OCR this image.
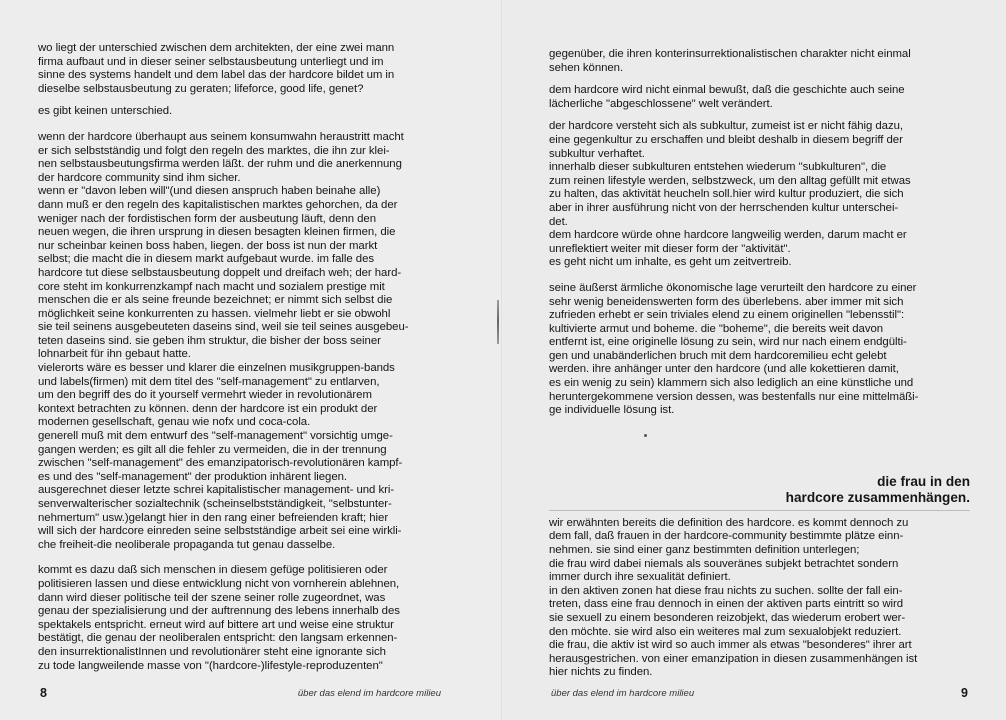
wo liegt der unterschied zwischen dem architekten, der eine zwei mann
firma aufbaut und in dieser seiner selbstausbeutung unterliegt und im
sinne des systems handelt und dem label das der hardcore bildet um in
dieselbe selbstausbeutung zu geraten; lifeforce, good life, genet?

es gibt keinen unterschied.

wenn der hardcore überhaupt aus seinem konsumwahn heraustritt macht
er sich selbstständig und folgt den regeln des marktes, die ihn zur klei-
nen selbstausbeutungsfirma werden läßt. der ruhm und die anerkennung
der hardcore community sind ihm sicher.
wenn er "davon leben will"(und diesen anspruch haben beinahe alle)
dann muß er den regeln des kapitalistischen marktes gehorchen, da der
weniger nach der fordistischen form der ausbeutung läuft, denn den
neuen wegen, die ihren ursprung in diesen besagten kleinen firmen, die
nur scheinbar keinen boss haben, liegen. der boss ist nun der markt
selbst; die macht die in diesem markt aufgebaut wurde. im falle des
hardcore tut diese selbstausbeutung doppelt und dreifach weh; der hard-
core steht im konkurrenzkampf nach macht und sozialem prestige mit
menschen die er als seine freunde bezeichnet; er nimmt sich selbst die
möglichkeit seine konkurrenten zu hassen. vielmehr liebt er sie obwohl
sie teil seinens ausgebeuteten daseins sind, weil sie teil seines ausgebeu-
teten daseins sind. sie geben ihm struktur, die bisher der boss seiner
lohnarbeit für ihn gebaut hatte.
vielerorts wäre es besser und klarer die einzelnen musikgruppen-bands
und labels(firmen) mit dem titel des "self-management" zu entlarven,
um den begriff des do it yourself vermehrt wieder in revolutionärem
kontext betrachten zu können. denn der hardcore ist ein produkt der
modernen gesellschaft, genau wie nofx und coca-cola.
generell muß mit dem entwurf des "self-management" vorsichtig umge-
gangen werden; es gilt all die fehler zu vermeiden, die in der trennung
zwischen "self-management" des emanzipatorisch-revolutionären kampf-
es und des "self-management" der produktion inhärent liegen.
ausgerechnet dieser letzte schrei kapitalistischer management- und kri-
senverwalterischer sozialtechnik (scheinselbstständigkeit, "selbstunter-
nehmertum" usw.)gelangt hier in den rang einer befreienden kraft; hier
will sich der hardcore einreden seine selbstständige arbeit sei eine wirkli-
che freiheit-die neoliberale propaganda tut genau dasselbe.

kommt es dazu daß sich menschen in diesem gefüge politisieren oder
politisieren lassen und diese entwicklung nicht von vornherein ablehnen,
dann wird dieser politische teil der szene seiner rolle zugeordnet, was
genau der spezialisierung und der auftrennung des lebens innerhalb des
spektakels entspricht. erneut wird auf bittere art und weise eine struktur
bestätigt, die genau der neoliberalen entspricht: den langsam erkennen-
den insurrektionalistInnen und revolutionärer steht eine ignorante sich
zu tode langweilende masse von "(hardcore-)lifestyle-reproduzenten"

8	über das elend im hardcore milieu

gegenüber, die ihren konterinsurrektionalistischen charakter nicht einmal
sehen können.

dem hardcore wird nicht einmal bewußt, daß die geschichte auch seine
lächerliche "abgeschlossene" welt verändert.

der hardcore versteht sich als subkultur, zumeist ist er nicht fähig dazu,
eine gegenkultur zu erschaffen und bleibt deshalb in diesem begriff der
subkultur verhaftet.
innerhalb dieser subkulturen entstehen wiederum "subkulturen", die
zum reinen lifestyle werden, selbstzweck, um den alltag gefüllt mit etwas
zu halten, das aktivität heucheln soll.hier wird kultur produziert, die sich
aber in ihrer ausführung nicht von der herrschenden kultur unterschei-
det.
dem hardcore würde ohne hardcore langweilig werden, darum macht er
unreflektiert weiter mit dieser form der "aktivität".
es geht nicht um inhalte, es geht um zeitvertreib.

seine äußerst ärmliche ökonomische lage verurteilt den hardcore zu einer
sehr wenig beneidenswerten form des überlebens. aber immer mit sich
zufrieden erhebt er sein triviales elend zu einem originellen "lebensstil":
kultivierte armut und boheme. die "boheme", die bereits weit davon
entfernt ist, eine originelle lösung zu sein, wird nur nach einem endgülti-
gen und unabänderlichen bruch mit dem hardcoremilieu echt gelebt
werden. ihre anhänger unter den hardcore (und alle kokettieren damit,
es ein wenig zu sein) klammern sich also lediglich an eine künstliche und
heruntergekommene version dessen, was bestenfalls nur eine mittelmäßi-
ge individuelle lösung ist.

die frau in den
hardcore zusammenhängen.

wir erwähnten bereits die definition des hardcore. es kommt dennoch zu
dem fall, daß frauen in der hardcore-community bestimmte plätze einn-
nehmen. sie sind einer ganz bestimmten definition unterlegen;
die frau wird dabei niemals als souveränes subjekt betrachtet sondern
immer durch ihre sexualität definiert.
in den aktiven zonen hat diese frau nichts zu suchen. sollte der fall ein-
treten, dass eine frau dennoch in einen der aktiven parts eintritt so wird
sie sexuell zu einem besonderen reizobjekt, das wiederum erobert wer-
den möchte. sie wird also ein weiteres mal zum sexualobjekt reduziert.
die frau, die aktiv ist wird so auch immer als etwas "besonderes" ihrer art
herausgestrichen. von einer emanzipation in diesen zusammenhängen ist
hier nichts zu finden.

über das elend im hardcore milieu	9
